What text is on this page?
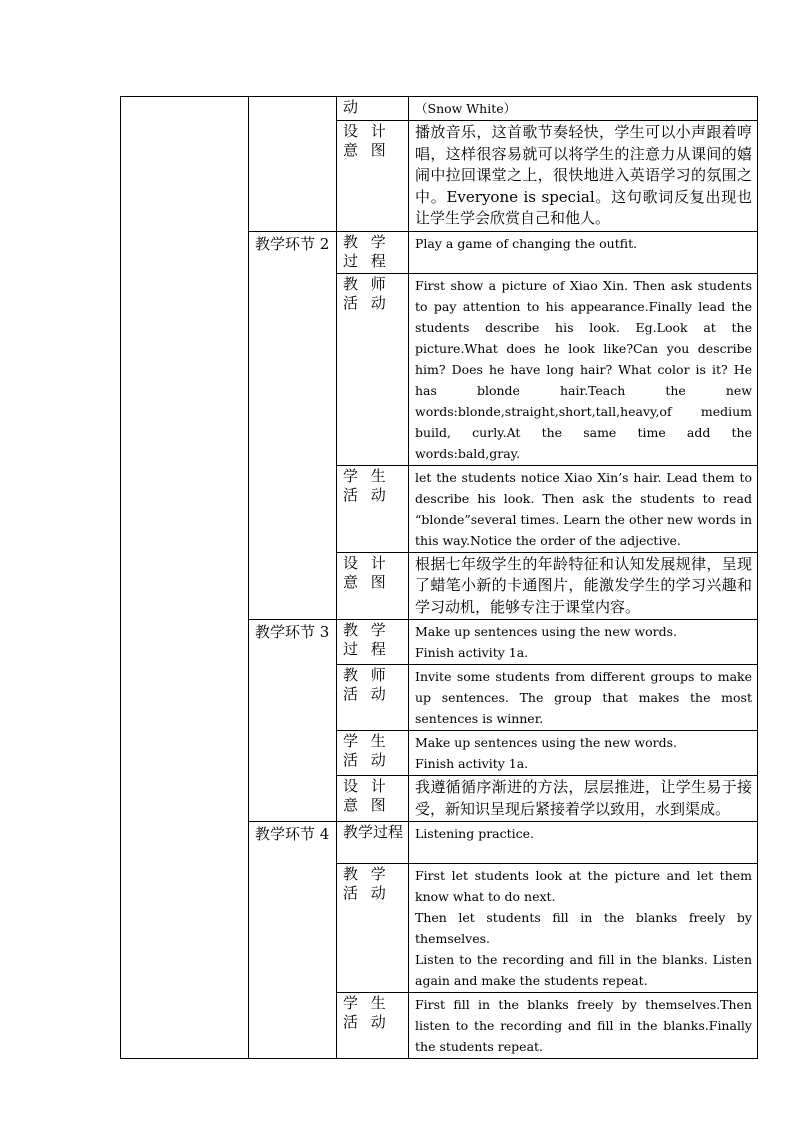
		动	（Snow White）

		设 计 意 图	播放音乐，这首歌节奏轻快，学生可以小声跟着哼唱，这样很容易就可以将学生的注意力从课间的嬉闹中拉回课堂之上，很快地进入英语学习的氛围之中。Everyone is special。这句歌词反复出现也让学生学会欣赏自己和他人。

	教学环节 2	教 学 过 程	Play a game of changing the outfit.

		教 师 活 动	First show a picture of Xiao Xin. Then ask students to pay attention to his appearance.Finally lead the students describe his look. Eg.Look at the picture.What does he look like?Can you describe him? Does he have long hair? What color is it? He has blonde hair.Teach the new words:blonde,straight,short,tall,heavy,of medium build, curly.At the same time add the words:bald,gray.

		学 生 活 动	let the students notice Xiao Xin’s hair. Lead them to describe his look. Then ask the students to read “blonde”several times. Learn the other new words in this way.Notice the order of the adjective.

		设 计 意 图	根据七年级学生的年龄特征和认知发展规律，呈现了蜡笔小新的卡通图片，能激发学生的学习兴趣和学习动机，能够专注于课堂内容。

	教学环节 3	教 学 过 程	Make up sentences using the new words.
Finish activity 1a.

		教 师 活 动	Invite some students from different groups to make up sentences. The group that makes the most sentences is winner.

		学 生 活 动	Make up sentences using the new words.
Finish activity 1a.

		设 计 意 图	我遵循循序渐进的方法，层层推进，让学生易于接受，新知识呈现后紧接着学以致用，水到渠成。

	教学环节 4	教学过程	Listening practice.

		教 学 活 动	First let students look at the picture and let them know what to do next.
Then let students fill in the blanks freely by themselves.
Listen to the recording and fill in the blanks. Listen again and make the students repeat.

		学 生 活 动	First fill in the blanks freely by themselves.Then listen to the recording and fill in the blanks.Finally the students repeat.
